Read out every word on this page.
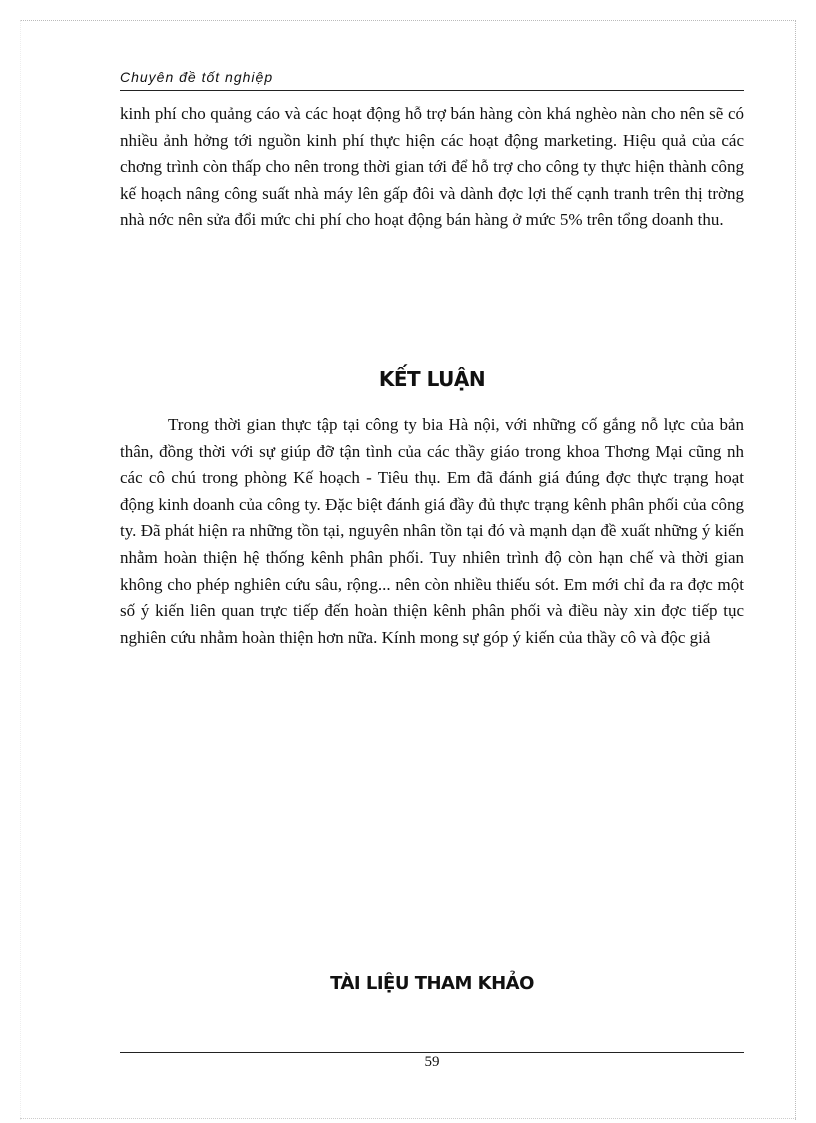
Chuyên đề tốt nghiệp

kinh phí cho quảng cáo và các hoạt động hỗ trợ bán hàng còn khá nghèo nàn cho nên sẽ có nhiều ảnh hởng tới nguồn kinh phí thực hiện các hoạt động marketing. Hiệu quả của các chơng trình còn thấp cho nên trong thời gian tới để hỗ trợ cho công ty thực hiện thành công kế hoạch nâng công suất nhà máy lên gấp đôi và dành đợc lợi thế cạnh tranh trên thị trờng nhà nớc nên sửa đổi mức chi phí cho hoạt động bán hàng ở mức 5% trên tổng doanh thu.

KẾT LUẬN

Trong thời gian thực tập tại công ty bia Hà nội, với những cố gắng nỗ lực của bản thân, đồng thời với sự giúp đỡ tận tình của các thầy giáo trong khoa Thơng Mại cũng nh các cô chú trong phòng Kế hoạch - Tiêu thụ. Em đã đánh giá đúng đợc thực trạng hoạt động kinh doanh của công ty. Đặc biệt đánh giá đầy đủ thực trạng kênh phân phối của công ty. Đã phát hiện ra những tồn tại, nguyên nhân tồn tại đó và mạnh dạn đề xuất những ý kiến nhằm hoàn thiện hệ thống kênh phân phối. Tuy nhiên trình độ còn hạn chế và thời gian không cho phép nghiên cứu sâu, rộng... nên còn nhiều thiếu sót. Em mới chỉ đa ra đợc một số ý kiến liên quan trực tiếp đến hoàn thiện kênh phân phối và điều này xin đợc tiếp tục nghiên cứu nhằm hoàn thiện hơn nữa. Kính mong sự góp ý kiến của thầy cô và độc giả

TÀI LIỆU THAM KHẢO
59
